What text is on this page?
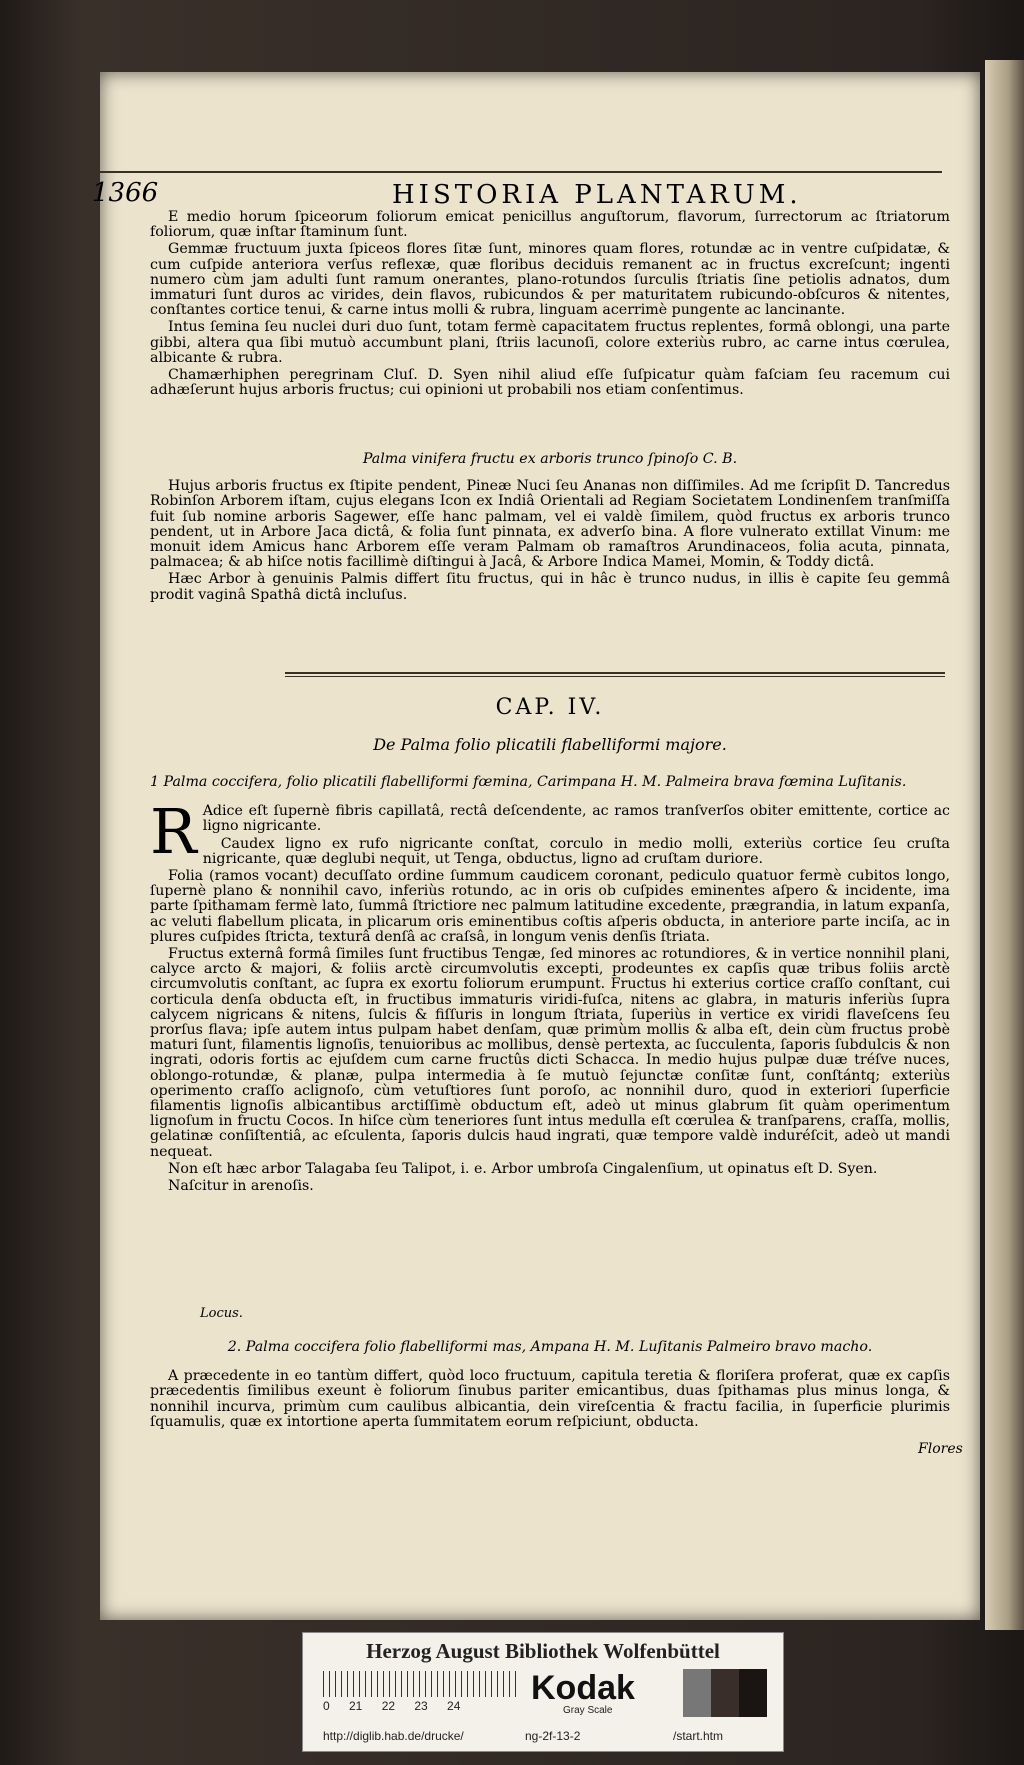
1366	HISTORIA PLANTARUM.

E medio horum ſpiceorum foliorum emicat penicillus anguſtorum, flavorum, ſurrectorum ac ſtriatorum foliorum, quæ inſtar ſtaminum ſunt.

Gemmæ fructuum juxta ſpiceos flores ſitæ ſunt, minores quam flores, rotundæ ac in ventre cuſpidatæ, & cum cuſpide anteriora verſus reflexæ, quæ floribus deciduis remanent ac in fructus excreſcunt; ingenti numero cùm jam adulti ſunt ramum onerantes, plano-rotundos ſurculis ſtriatis ſine petiolis adnatos, dum immaturi ſunt duros ac virides, dein flavos, rubicundos & per maturitatem rubicundo-obſcuros & nitentes, conſtantes cortice tenui, & carne intus molli & rubra, linguam acerrimè pungente ac lancinante.

Intus ſemina ſeu nuclei duri duo ſunt, totam fermè capacitatem fructus replentes, formâ oblongi, una parte gibbi, altera qua ſibi mutuò accumbunt plani, ſtriis lacunoſi, colore exteriùs rubro, ac carne intus cœrulea, albicante & rubra.

Chamærhiphen peregrinam Cluſ. D. Syen nihil aliud eſſe ſuſpicatur quàm faſciam ſeu racemum cui adhæſerunt hujus arboris fructus; cui opinioni ut probabili nos etiam conſentimus.

Palma vinifera fructu ex arboris trunco ſpinoſo C. B.

Hujus arboris fructus ex ſtipite pendent, Pineæ Nuci ſeu Ananas non diſſimiles. Ad me ſcripſit D. Tancredus Robinſon Arborem iſtam, cujus elegans Icon ex Indiâ Orientali ad Regiam Societatem Londinenſem tranſmiſſa fuit ſub nomine arboris Sagewer, eſſe hanc palmam, vel ei valdè ſimilem, quòd fructus ex arboris trunco pendent, ut in Arbore Jaca dictâ, & folia ſunt pinnata, ex adverſo bina. A flore vulnerato extillat Vinum: me monuit idem Amicus hanc Arborem eſſe veram Palmam ob ramaſtros Arundinaceos, folia acuta, pinnata, palmacea; & ab hiſce notis facillimè diſtingui à Jacâ, & Arbore Indica Mamei, Momin, & Toddy dictâ.

Hæc Arbor à genuinis Palmis differt ſitu fructus, qui in hâc è trunco nudus, in illis è capite ſeu gemmâ prodit vaginâ Spathâ dictâ incluſus.

CAP. IV.
De Palma folio plicatili flabelliformi majore.

1 Palma coccifera, folio plicatili flabelliformi fœmina, Carimpana H. M. Palmeira brava fœmina Luſitanis.

R Adice eſt ſupernè fibris capillatâ, rectâ deſcendente, ac ramos tranſverſos obiter emittente, cortice ac ligno nigricante.

Caudex ligno ex rufo nigricante conſtat, corculo in medio molli, exteriùs cortice ſeu cruſta nigricante, quæ deglubi nequit, ut Tenga, obductus, ligno ad cruſtam duriore.

Folia (ramos vocant) decuſſato ordine ſummum caudicem coronant, pediculo quatuor fermè cubitos longo, ſupernè plano & nonnihil cavo, inferiùs rotundo, ac in oris ob cuſpides eminentes aſpero & incidente, ima parte ſpithamam fermè lato, ſummâ ſtrictiore nec palmum latitudine excedente, prægrandia, in latum expanſa, ac veluti flabellum plicata, in plicarum oris eminentibus coſtis aſperis obducta, in anteriore parte inciſa, ac in plures cuſpides ſtricta, texturâ denſâ ac craſsâ, in longum venis denſis ſtriata.

Fructus externâ formâ ſimiles ſunt fructibus Tengæ, ſed minores ac rotundiores, & in vertice nonnihil plani, calyce arcto & majori, & foliis arctè circumvolutis excepti, prodeuntes ex capſis quæ tribus foliis arctè circumvolutis conſtant, ac ſupra ex exortu foliorum erumpunt. Fructus hi exterius cortice craſſo conſtant, cui corticula denſa obducta eſt, in fructibus immaturis viridi-fuſca, nitens ac glabra, in maturis inferiùs ſupra calycem nigricans & nitens, ſulcis & fiſſuris in longum ſtriata, ſuperiùs in vertice ex viridi flaveſcens ſeu prorſus flava; ipſe autem intus pulpam habet denſam, quæ primùm mollis & alba eſt, dein cùm fructus probè maturi ſunt, filamentis lignoſis, tenuioribus ac mollibus, densè pertexta, ac ſucculenta, ſaporis ſubdulcis & non ingrati, odoris fortis ac ejuſdem cum carne fructûs dicti Schacca. In medio hujus pulpæ duæ tréſve nuces, oblongo-rotundæ, & planæ, pulpa intermedia à ſe mutuò ſejunctæ conſitæ ſunt, conſtántq; exteriùs operimento craſſo aclignoſo, cùm vetuſtiores ſunt poroſo, ac nonnihil duro, quod in exteriori ſuperficie filamentis lignoſis albicantibus arctiſſimè obductum eſt, adeò ut minus glabrum ſit quàm operimentum lignoſum in fructu Cocos. In hiſce cùm teneriores ſunt intus medulla eſt cœrulea & tranſparens, craſſa, mollis, gelatinæ conſiſtentiâ, ac eſculenta, ſaporis dulcis haud ingrati, quæ tempore valdè induréſcit, adeò ut mandi nequeat.

Non eſt hæc arbor Talagaba ſeu Talipot, i. e. Arbor umbroſa Cingalenſium, ut opinatus eſt D. Syen.

Naſcitur in arenoſis.

Locus.

2. Palma coccifera folio flabelliformi mas, Ampana H. M. Luſitanis Palmeiro bravo macho.

A præcedente in eo tantùm differt, quòd loco fructuum, capitula teretia & floriſera proferat, quæ ex capſis præcedentis ſimilibus exeunt è foliorum ſinubus pariter emicantibus, duas ſpithamas plus minus longa, & nonnihil incurva, primùm cum caulibus albicantia, dein vireſcentia & fractu facilia, in ſuperficie plurimis ſquamulis, quæ ex intortione aperta ſummitatem eorum reſpiciunt, obducta.

Flores
Herzog August Bibliothek Wolfenbüttel
0 21 22 23 24	Kodak
Gray Scale
http://diglib.hab.de/drucke/	ng-2f-13-2	/start.htm
